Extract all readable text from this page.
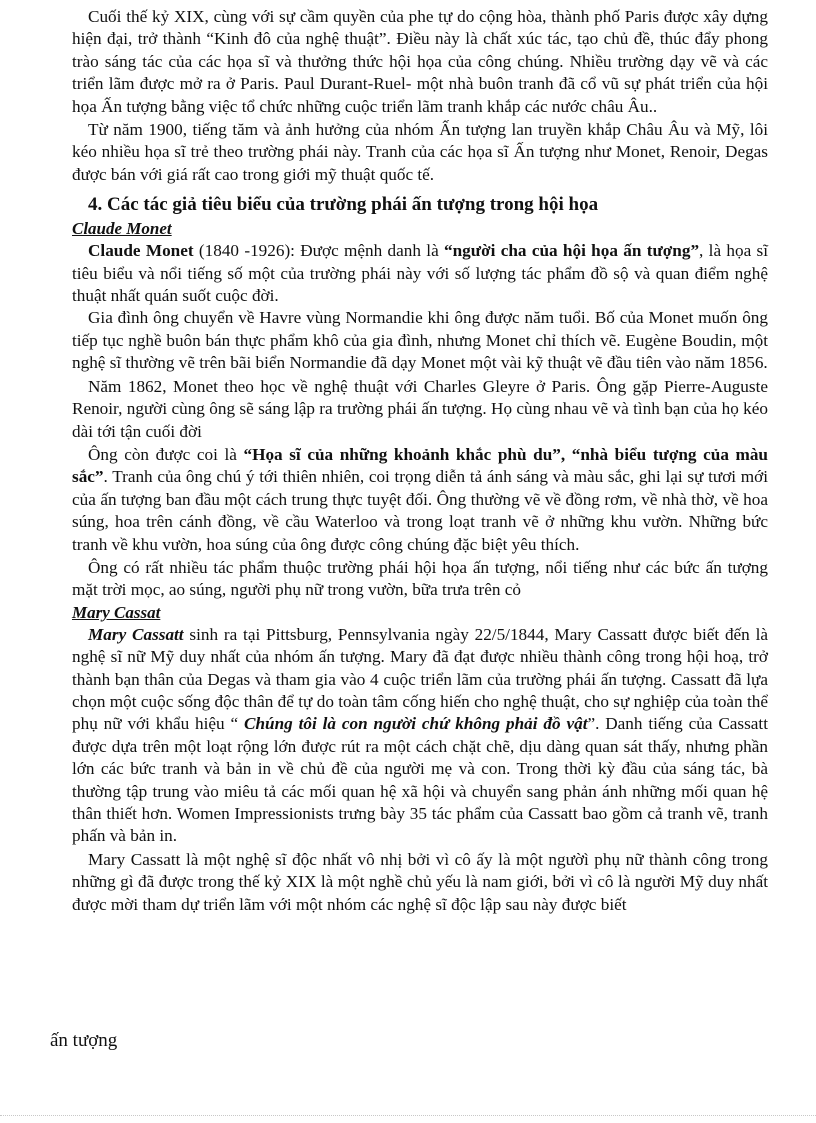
Cuối thế kỷ XIX, cùng với sự cầm quyền của phe tự do cộng hòa, thành phố Paris được xây dựng hiện đại, trở thành “Kinh đô của nghệ thuật”. Điều này là chất xúc tác, tạo chủ đề, thúc đẩy phong trào sáng tác của các họa sĩ và thưởng thức hội họa của công chúng. Nhiều trường dạy vẽ và các triển lãm được mở ra ở Paris. Paul Durant-Ruel- một nhà buôn tranh đã cổ vũ sự phát triển của hội họa Ấn tượng bằng việc tổ chức những cuộc triển lãm tranh khắp các nước châu Âu..

Từ năm 1900, tiếng tăm và ảnh hưởng của nhóm Ấn tượng lan truyền khắp Châu Âu và Mỹ, lôi kéo nhiều họa sĩ trẻ theo trường phái này. Tranh của các họa sĩ Ấn tượng như Monet, Renoir, Degas được bán với giá rất cao trong giới mỹ thuật quốc tế.

4. Các tác giả tiêu biểu của trường phái ấn tượng trong hội họa
Claude Monet

Claude Monet (1840 -1926): Được mệnh danh là “người cha của hội họa ấn tượng”, là họa sĩ tiêu biểu và nổi tiếng số một của trường phái này với số lượng tác phẩm đồ sộ và quan điểm nghệ thuật nhất quán suốt cuộc đời.

Gia đình ông chuyển về Havre vùng Normandie khi ông được năm tuổi. Bố của Monet muốn ông tiếp tục nghề buôn bán thực phẩm khô của gia đình, nhưng Monet chỉ thích vẽ. Eugène Boudin, một nghệ sĩ thường vẽ trên bãi biển Normandie đã dạy Monet một vài kỹ thuật vẽ đầu tiên vào năm 1856.

Năm 1862, Monet theo học về nghệ thuật với Charles Gleyre ở Paris. Ông gặp Pierre-Auguste Renoir, người cùng ông sẽ sáng lập ra trường phái ấn tượng. Họ cùng nhau vẽ và tình bạn của họ kéo dài tới tận cuối đời

Ông còn được coi là “Họa sĩ của những khoảnh khắc phù du”, “nhà biểu tượng của màu sắc”. Tranh của ông chú ý tới thiên nhiên, coi trọng diễn tả ánh sáng và màu sắc, ghi lại sự tươi mới của ấn tượng ban đầu một cách trung thực tuyệt đối. Ông thường vẽ về đồng rơm, về nhà thờ, về hoa súng, hoa trên cánh đồng, về cầu Waterloo và trong loạt tranh vẽ ở những khu vườn. Những bức tranh về khu vườn, hoa súng của ông được công chúng đặc biệt yêu thích.

Ông có rất nhiều tác phẩm thuộc trường phái hội họa ấn tượng, nổi tiếng như các bức ấn tượng mặt trời mọc, ao súng, người phụ nữ trong vườn, bữa trưa trên cỏ

Mary Cassat

Mary Cassatt sinh ra tại Pittsburg, Pennsylvania ngày 22/5/1844, Mary Cassatt được biết đến là nghệ sĩ nữ Mỹ duy nhất của nhóm ấn tượng. Mary đã đạt được nhiều thành công trong hội hoạ, trở thành bạn thân của Degas và tham gia vào 4 cuộc triển lãm của trường phái ấn tượng. Cassatt đã lựa chọn một cuộc sống độc thân để tự do toàn tâm cống hiến cho nghệ thuật, cho sự nghiệp của toàn thể phụ nữ với khẩu hiệu “ Chúng tôi là con người chứ không phải đồ vật”. Danh tiếng của Cassatt được dựa trên một loạt rộng lớn được rút ra một cách chặt chẽ, dịu dàng quan sát thấy, nhưng phần lớn các bức tranh và bản in về chủ đề của người mẹ và con. Trong thời kỳ đầu của sáng tác, bà thường tập trung vào miêu tả các mối quan hệ xã hội và chuyển sang phản ánh những mối quan hệ thân thiết hơn. Women Impressionists trưng bày 35 tác phẩm của Cassatt bao gồm cả tranh vẽ, tranh phấn và bản in.

Mary Cassatt là một nghệ sĩ độc nhất vô nhị bởi vì cô ấy là một ngườì phụ nữ thành công trong những gì đã được trong thế kỷ XIX là một nghề chủ yếu là nam giới, bởi vì cô là người Mỹ duy nhất được mời tham dự triển lãm với một nhóm các nghệ sĩ độc lập sau này được biết

ấn tượng
